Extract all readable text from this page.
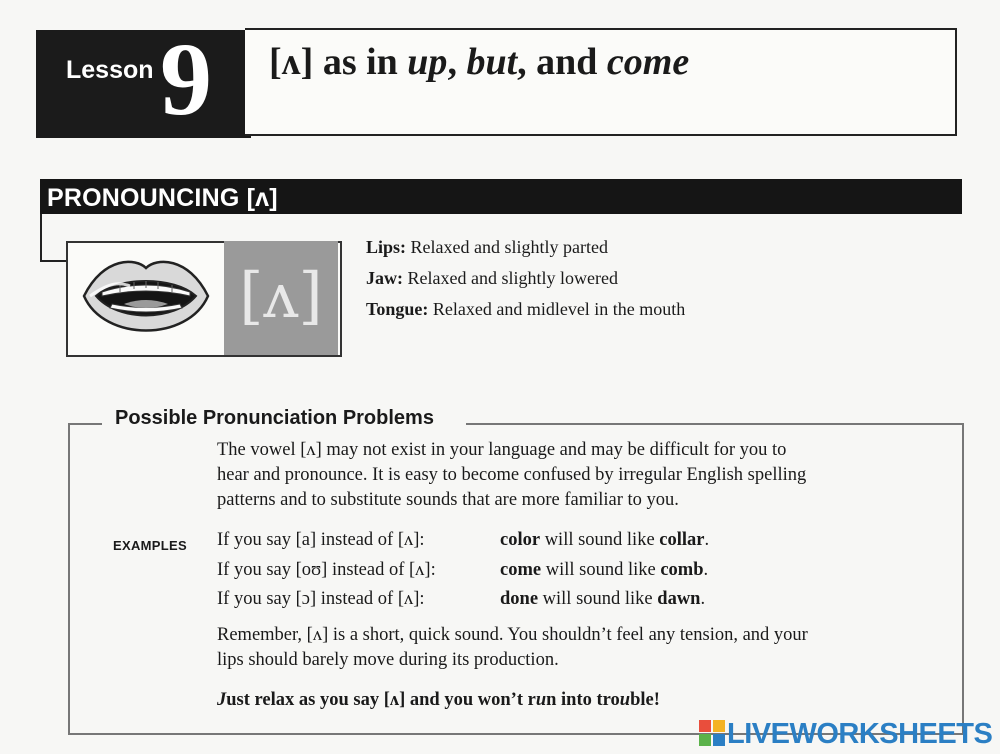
Lesson 9 [ʌ] as in up, but, and come
PRONOUNCING [ʌ]
[ʌ]
Lips: Relaxed and slightly parted
Jaw: Relaxed and slightly lowered
Tongue: Relaxed and midlevel in the mouth
Possible Pronunciation Problems
The vowel [ʌ] may not exist in your language and may be difficult for you to
hear and pronounce. It is easy to become confused by irregular English spelling
patterns and to substitute sounds that are more familiar to you.
EXAMPLES If you say [a] instead of [ʌ]:	color will sound like collar.
If you say [oʊ] instead of [ʌ]:	come will sound like comb.
If you say [ɔ] instead of [ʌ]:	done will sound like dawn.
Remember, [ʌ] is a short, quick sound. You shouldn’t feel any tension, and your
lips should barely move during its production.
Just relax as you say [ʌ] and you won’t run into trouble!
LIVEWORKSHEETS
